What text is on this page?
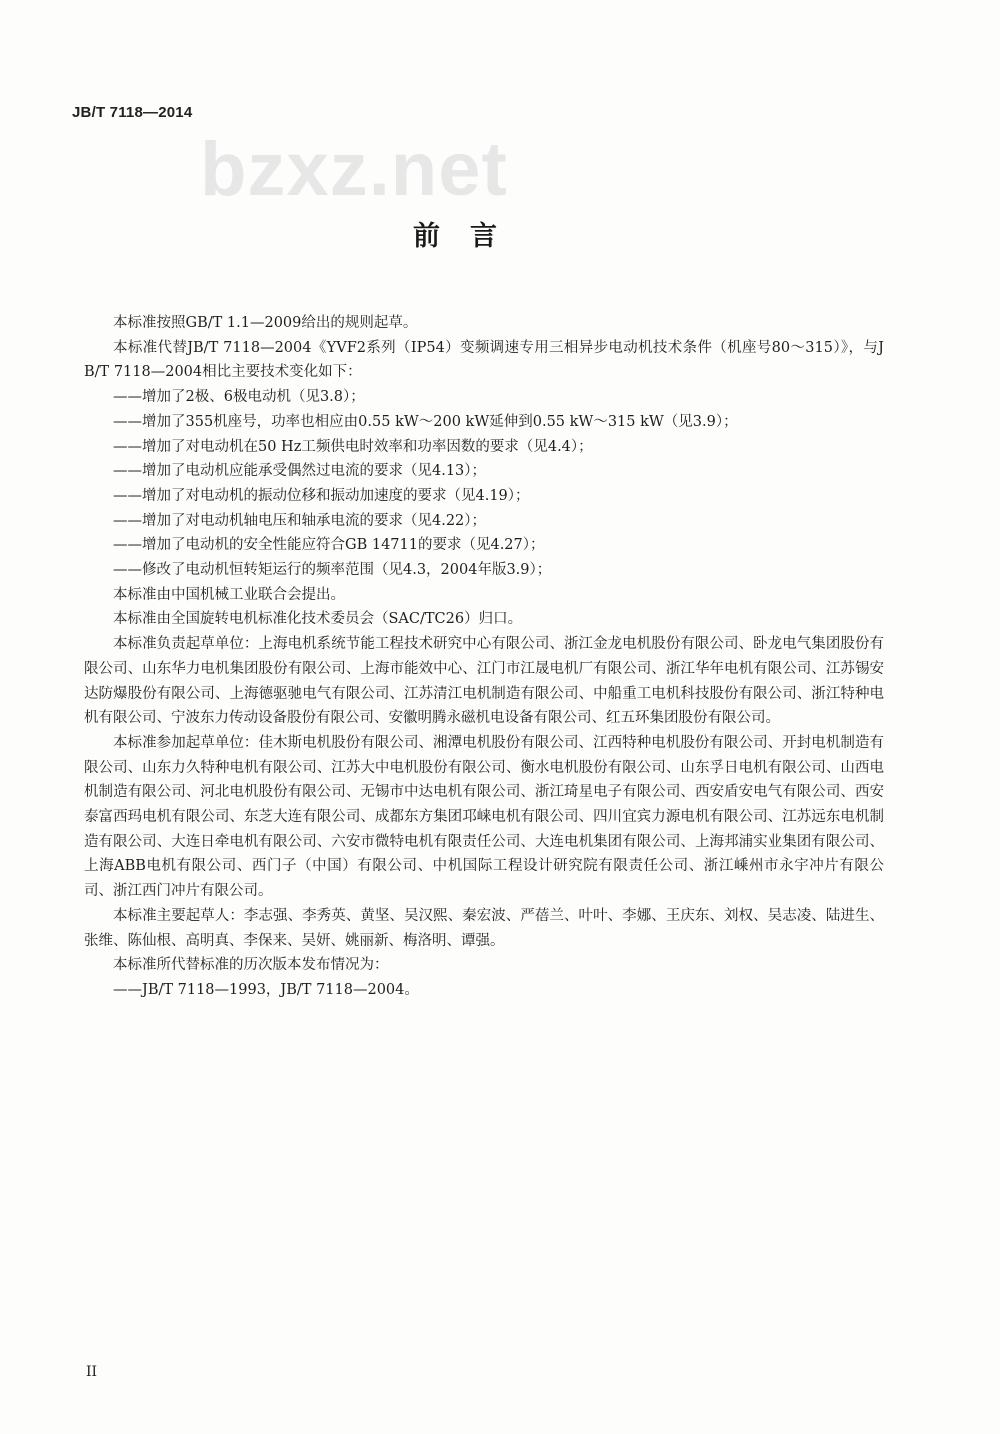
JB/T 7118—2014
bzxz.net
前言

本标准按照GB/T 1.1—2009给出的规则起草。

本标准代替JB/T 7118—2004《YVF2系列（IP54）变频调速专用三相异步电动机技术条件（机座号80～315）》，与JB/T 7118—2004相比主要技术变化如下：

——增加了2极、6极电动机（见3.8）；

——增加了355机座号，功率也相应由0.55 kW～200 kW延伸到0.55 kW～315 kW（见3.9）；

——增加了对电动机在50 Hz工频供电时效率和功率因数的要求（见4.4）；

——增加了电动机应能承受偶然过电流的要求（见4.13）；

——增加了对电动机的振动位移和振动加速度的要求（见4.19）；

——增加了对电动机轴电压和轴承电流的要求（见4.22）；

——增加了电动机的安全性能应符合GB 14711的要求（见4.27）；

——修改了电动机恒转矩运行的频率范围（见4.3，2004年版3.9）；

本标准由中国机械工业联合会提出。

本标准由全国旋转电机标准化技术委员会（SAC/TC26）归口。

本标准负责起草单位：上海电机系统节能工程技术研究中心有限公司、浙江金龙电机股份有限公司、卧龙电气集团股份有限公司、山东华力电机集团股份有限公司、上海市能效中心、江门市江晟电机厂有限公司、浙江华年电机有限公司、江苏锡安达防爆股份有限公司、上海德驱驰电气有限公司、江苏清江电机制造有限公司、中船重工电机科技股份有限公司、浙江特种电机有限公司、宁波东力传动设备股份有限公司、安徽明腾永磁机电设备有限公司、红五环集团股份有限公司。

本标准参加起草单位：佳木斯电机股份有限公司、湘潭电机股份有限公司、江西特种电机股份有限公司、开封电机制造有限公司、山东力久特种电机有限公司、江苏大中电机股份有限公司、衡水电机股份有限公司、山东孚日电机有限公司、山西电机制造有限公司、河北电机股份有限公司、无锡市中达电机有限公司、浙江琦星电子有限公司、西安盾安电气有限公司、西安泰富西玛电机有限公司、东芝大连有限公司、成都东方集团邛崃电机有限公司、四川宜宾力源电机有限公司、江苏远东电机制造有限公司、大连日牵电机有限公司、六安市微特电机有限责任公司、大连电机集团有限公司、上海邦浦实业集团有限公司、上海ABB电机有限公司、西门子（中国）有限公司、中机国际工程设计研究院有限责任公司、浙江嵊州市永宇冲片有限公司、浙江西门冲片有限公司。

本标准主要起草人：李志强、李秀英、黄坚、吴汉熙、秦宏波、严蓓兰、叶叶、李娜、王庆东、刘权、吴志凌、陆进生、张维、陈仙根、高明真、李保来、吴妍、姚丽新、梅洛明、谭强。

本标准所代替标准的历次版本发布情况为：

——JB/T 7118—1993，JB/T 7118—2004。

II
